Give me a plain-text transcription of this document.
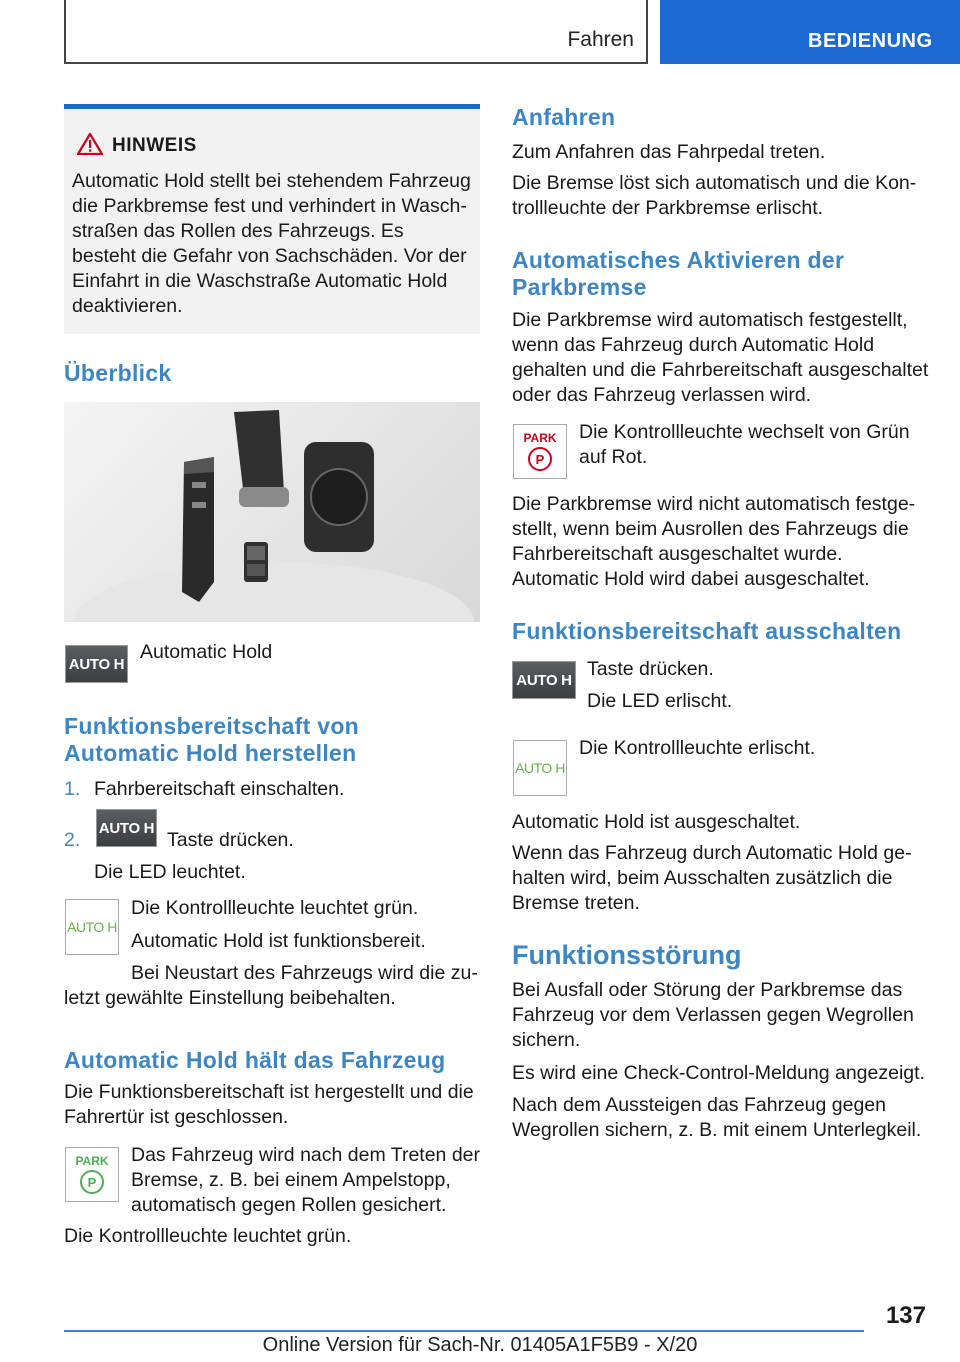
Fahren	BEDIENUNG
HINWEIS
Automatic Hold stellt bei stehendem Fahrzeug die Parkbremse fest und verhindert in Waschstraßen das Rollen des Fahrzeugs. Es besteht die Gefahr von Sachschäden. Vor der Einfahrt in die Waschstraße Automatic Hold deaktivieren.
Überblick
AUTO H

Automatic Hold

Funktionsbereitschaft von Automatic Hold herstellen

1. Fahrbereitschaft einschalten.

2.

AUTO H

Taste drücken.

Die LED leuchtet.

AUTO H

Die Kontrollleuchte leuchtet grün.

Automatic Hold ist funktionsbereit.

Bei Neustart des Fahrzeugs wird die zuletzt gewählte Einstellung beibehalten.

Automatic Hold hält das Fahrzeug

Die Funktionsbereitschaft ist hergestellt und die Fahrertür ist geschlossen.

PARK
P

Das Fahrzeug wird nach dem Treten der Bremse, z. B. bei einem Ampelstopp, automatisch gegen Rollen gesichert.

Die Kontrollleuchte leuchtet grün.

Anfahren

Zum Anfahren das Fahrpedal treten.

Die Bremse löst sich automatisch und die Kontrollleuchte der Parkbremse erlischt.

Automatisches Aktivieren der Parkbremse

Die Parkbremse wird automatisch festgestellt, wenn das Fahrzeug durch Automatic Hold gehalten und die Fahrbereitschaft ausgeschaltet oder das Fahrzeug verlassen wird.

PARK
P

Die Kontrollleuchte wechselt von Grün auf Rot.

Die Parkbremse wird nicht automatisch festgestellt, wenn beim Ausrollen des Fahrzeugs die Fahrbereitschaft ausgeschaltet wurde. Automatic Hold wird dabei ausgeschaltet.

Funktionsbereitschaft ausschalten
AUTO H Taste drücken.

Die LED erlischt.

AUTO H

Die Kontrollleuchte erlischt.

Automatic Hold ist ausgeschaltet.

Wenn das Fahrzeug durch Automatic Hold gehalten wird, beim Ausschalten zusätzlich die Bremse treten.

Funktionsstörung

Bei Ausfall oder Störung der Parkbremse das Fahrzeug vor dem Verlassen gegen Wegrollen sichern.

Es wird eine Check-Control-Meldung angezeigt.

Nach dem Aussteigen das Fahrzeug gegen Wegrollen sichern, z. B. mit einem Unterlegkeil.

137
Online Version für Sach-Nr. 01405A1F5B9 - X/20
